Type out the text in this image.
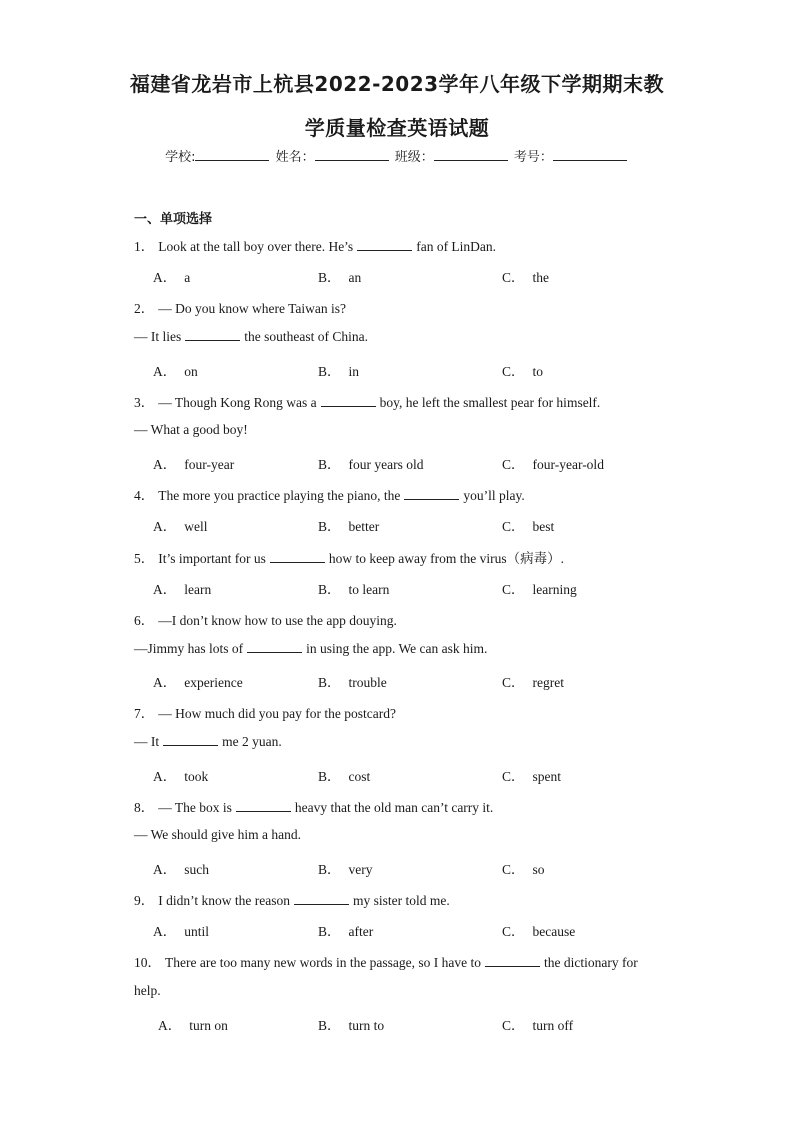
福建省龙岩市上杭县2022-2023学年八年级下学期期末教
学质量检查英语试题
学校:	姓名：	班级：	考号：
一、单项选择
1． Look at the tall boy over there. He’s	fan of LinDan.
A． a	B． an	C． the
2． — Do you know where Taiwan is?
— It lies	the southeast of China.
A． on	B． in	C． to
3． — Though Kong Rong was a	boy, he left the smallest pear for himself.
— What a good boy!
A． four-year	B． four years old	C． four-year-old
4． The more you practice playing the piano, the	you’ll play.
A． well	B． better	C． best
5． It’s important for us	how to keep away from the virus（病毒）.
A． learn	B． to learn	C． learning
6． —I don’t know how to use the app douying.
—Jimmy has lots of	in using the app. We can ask him.
A． experience	B． trouble	C． regret
7． — How much did you pay for the postcard?
— It	me 2 yuan.
A． took	B． cost	C． spent
8． — The box is	heavy that the old man can’t carry it.
— We should give him a hand.
A． such	B． very	C． so
9． I didn’t know the reason	my sister told me.
A． until	B． after	C． because
10． There are too many new words in the passage, so I have to	the dictionary for
help.
A． turn on	B． turn to	C． turn off
